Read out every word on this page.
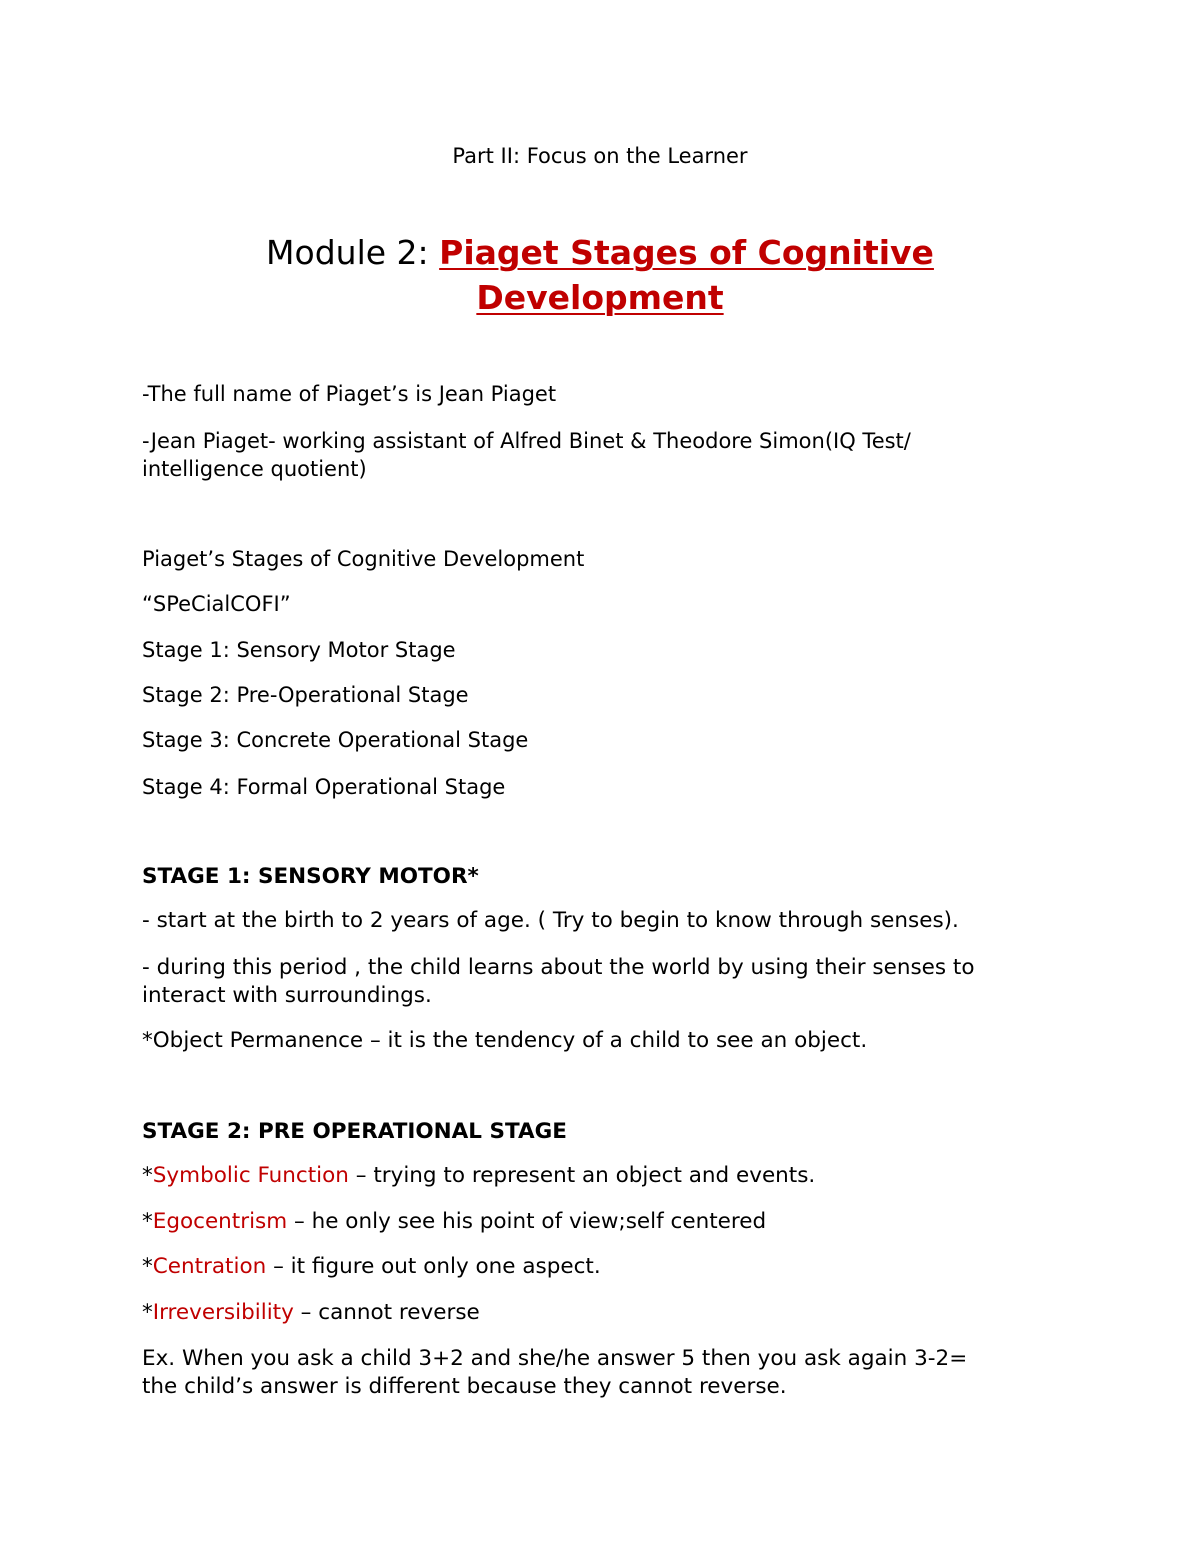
Part II: Focus on the Learner
Module 2: Piaget Stages of Cognitive
Development
-The full name of Piaget’s is Jean Piaget
-Jean Piaget- working assistant of Alfred Binet & Theodore Simon(IQ Test/
intelligence quotient)
Piaget’s Stages of Cognitive Development
“SPeCialCOFI”
Stage 1: Sensory Motor Stage
Stage 2: Pre-Operational Stage
Stage 3: Concrete Operational Stage
Stage 4: Formal Operational Stage
STAGE 1: SENSORY MOTOR*
- start at the birth to 2 years of age. ( Try to begin to know through senses).
- during this period , the child learns about the world by using their senses to
interact with surroundings.
*Object Permanence – it is the tendency of a child to see an object.
STAGE 2: PRE OPERATIONAL STAGE
*Symbolic Function – trying to represent an object and events.
*Egocentrism – he only see his point of view;self centered
*Centration – it figure out only one aspect.
*Irreversibility – cannot reverse
Ex. When you ask a child 3+2 and she/he answer 5 then you ask again 3-2=
the child’s answer is different because they cannot reverse.
